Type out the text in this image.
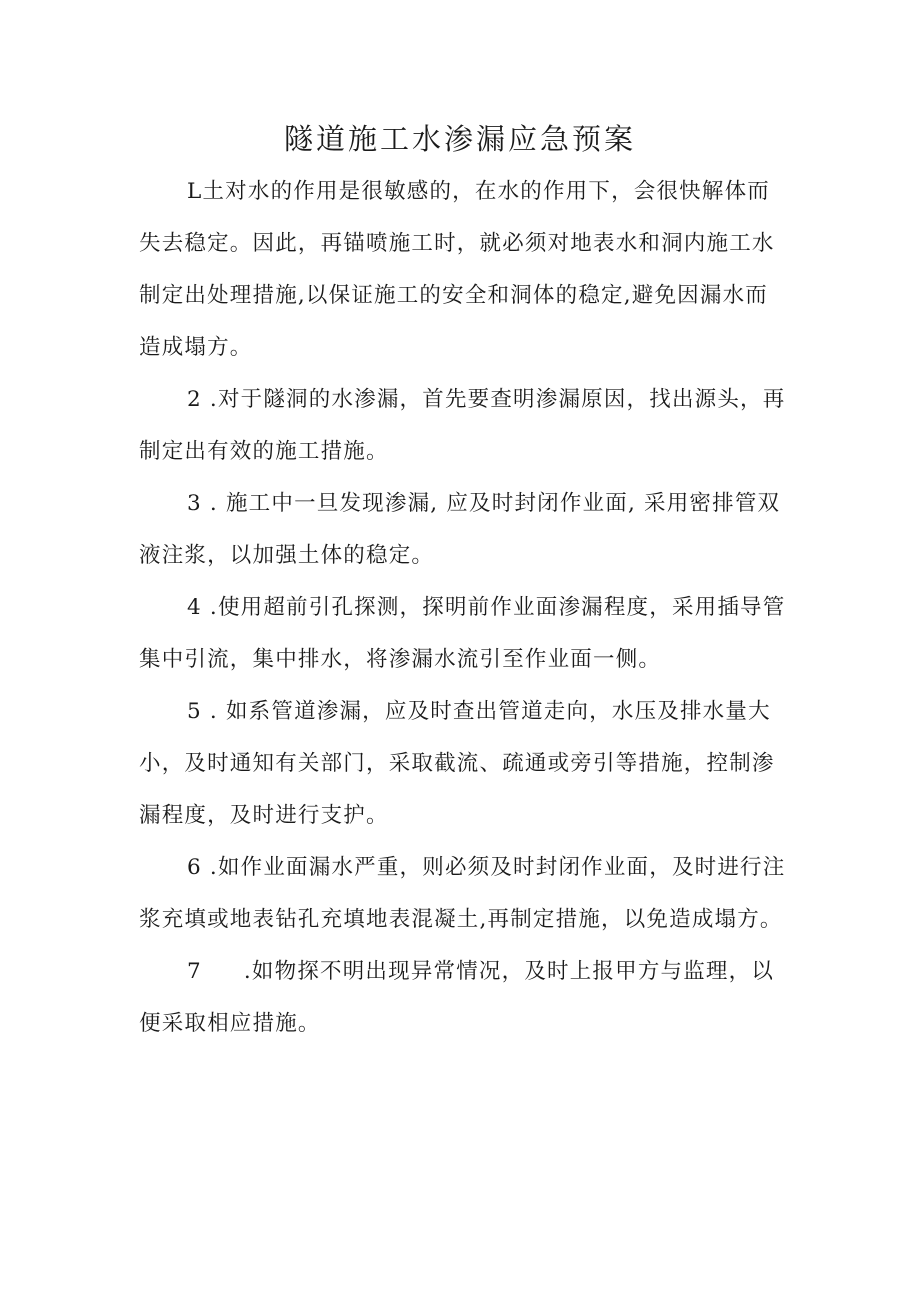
隧道施工水渗漏应急预案
L土对水的作用是很敏感的，在水的作用下，会很快解体而
失去稳定。因此，再锚喷施工时，就必须对地表水和洞内施工水
制定出处理措施,以保证施工的安全和洞体的稳定,避免因漏水而
造成塌方。
2 .对于隧洞的水渗漏，首先要查明渗漏原因，找出源头，再
制定出有效的施工措施。
3 . 施工中一旦发现渗漏, 应及时封闭作业面, 采用密排管双
液注浆，以加强土体的稳定。
4 .使用超前引孔探测，探明前作业面渗漏程度，采用插导管
集中引流，集中排水，将渗漏水流引至作业面一侧。
5 . 如系管道渗漏，应及时查出管道走向，水压及排水量大
小，及时通知有关部门，采取截流、疏通或旁引等措施，控制渗
漏程度，及时进行支护。
6 .如作业面漏水严重，则必须及时封闭作业面，及时进行注
浆充填或地表钻孔充填地表混凝土,再制定措施，以免造成塌方。
7 .如物探不明出现异常情况，及时上报甲方与监理，以
便采取相应措施。
